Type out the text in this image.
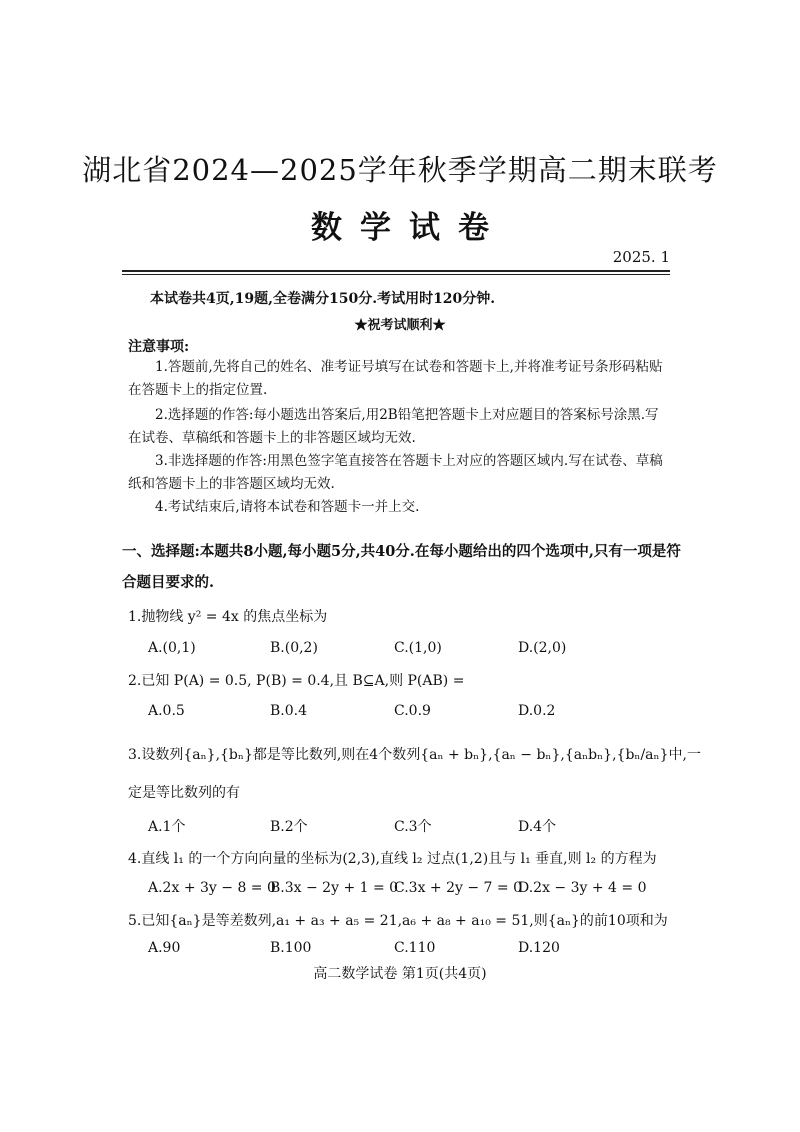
湖北省2024—2025学年秋季学期高二期末联考
数学试卷
2025. 1
本试卷共4页,19题,全卷满分150分.考试用时120分钟.
★祝考试顺利★
注意事项:
1.答题前,先将自己的姓名、准考证号填写在试卷和答题卡上,并将准考证号条形码粘贴在答题卡上的指定位置.
2.选择题的作答:每小题选出答案后,用2B铅笔把答题卡上对应题目的答案标号涂黑.写在试卷、草稿纸和答题卡上的非答题区域均无效.
3.非选择题的作答:用黑色签字笔直接答在答题卡上对应的答题区域内.写在试卷、草稿纸和答题卡上的非答题区域均无效.
4.考试结束后,请将本试卷和答题卡一并上交.
一、选择题:本题共8小题,每小题5分,共40分.在每小题给出的四个选项中,只有一项是符合题目要求的.
1.抛物线 y² = 4x 的焦点坐标为
A.(0,1)	B.(0,2)	C.(1,0)	D.(2,0)
2.已知 P(A) = 0.5, P(B) = 0.4,且 B⊆A,则 P(AB) =
A.0.5	B.0.4	C.0.9	D.0.2
3.设数列{aₙ},{bₙ}都是等比数列,则在4个数列{aₙ + bₙ},{aₙ − bₙ},{aₙbₙ},{bₙ/aₙ}中,一
定是等比数列的有
A.1个	B.2个	C.3个	D.4个
4.直线 l₁ 的一个方向向量的坐标为(2,3),直线 l₂ 过点(1,2)且与 l₁ 垂直,则 l₂ 的方程为
A.2x + 3y − 8 = 0
B.3x − 2y + 1 = 0
C.3x + 2y − 7 = 0
D.2x − 3y + 4 = 0
5.已知{aₙ}是等差数列,a₁ + a₃ + a₅ = 21,a₆ + a₈ + a₁₀ = 51,则{aₙ}的前10项和为
A.90	B.100	C.110	D.120
高二数学试卷 第1页(共4页)
